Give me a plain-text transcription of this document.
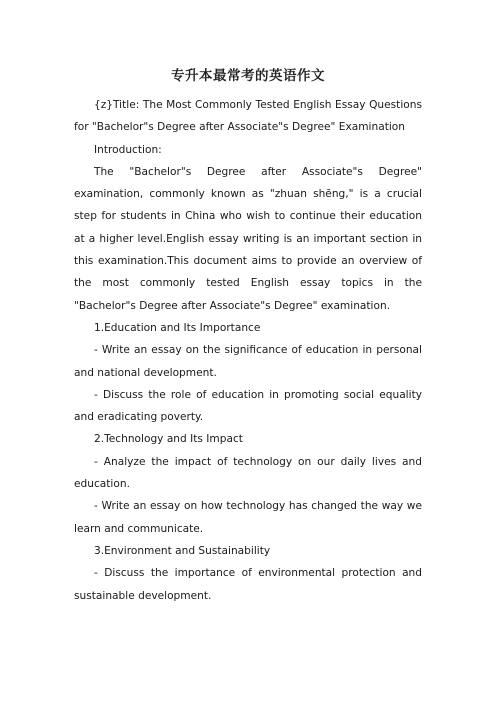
专升本最常考的英语作文

{z}Title: The Most Commonly Tested English Essay Questions for "Bachelor"s Degree after Associate"s Degree" Examination

Introduction:

The "Bachelor"s Degree after Associate"s Degree" examination, commonly known as "zhuan shēng," is a crucial step for students in China who wish to continue their education at a higher level.English essay writing is an important section in this examination.This document aims to provide an overview of the most commonly tested English essay topics in the "Bachelor"s Degree after Associate"s Degree" examination.

1.Education and Its Importance

- Write an essay on the significance of education in personal and national development.

- Discuss the role of education in promoting social equality and eradicating poverty.

2.Technology and Its Impact

- Analyze the impact of technology on our daily lives and education.

- Write an essay on how technology has changed the way we learn and communicate.

3.Environment and Sustainability

- Discuss the importance of environmental protection and sustainable development.
